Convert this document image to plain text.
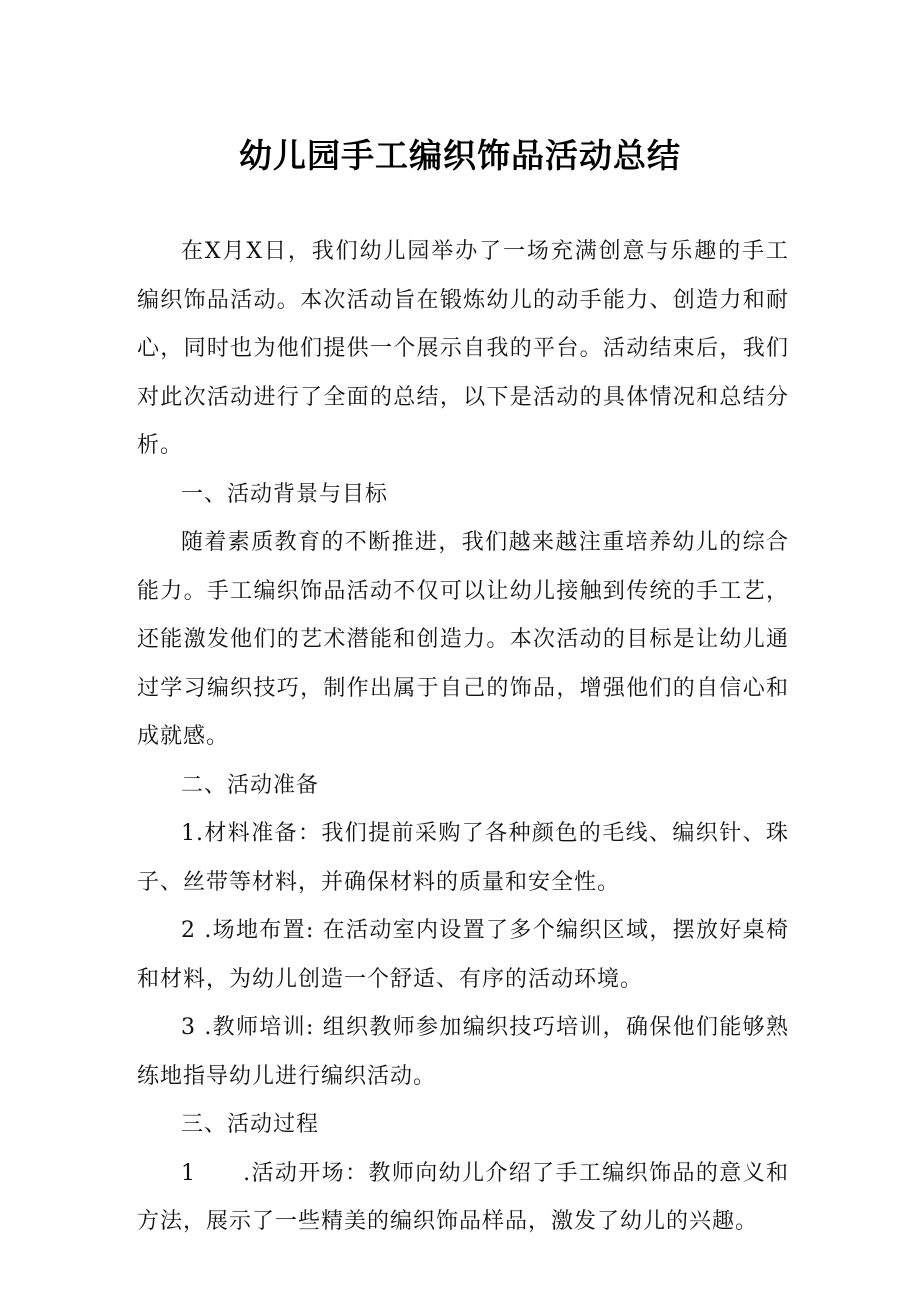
幼儿园手工编织饰品活动总结

在X月X日，我们幼儿园举办了一场充满创意与乐趣的手工编织饰品活动。本次活动旨在锻炼幼儿的动手能力、创造力和耐心，同时也为他们提供一个展示自我的平台。活动结束后，我们对此次活动进行了全面的总结，以下是活动的具体情况和总结分析。

一、活动背景与目标

随着素质教育的不断推进，我们越来越注重培养幼儿的综合能力。手工编织饰品活动不仅可以让幼儿接触到传统的手工艺，还能激发他们的艺术潜能和创造力。本次活动的目标是让幼儿通过学习编织技巧，制作出属于自己的饰品，增强他们的自信心和成就感。

二、活动准备

1.材料准备：我们提前采购了各种颜色的毛线、编织针、珠子、丝带等材料，并确保材料的质量和安全性。

2 .场地布置: 在活动室内设置了多个编织区域，摆放好桌椅和材料，为幼儿创造一个舒适、有序的活动环境。

3 .教师培训: 组织教师参加编织技巧培训，确保他们能够熟练地指导幼儿进行编织活动。

三、活动过程

1　　.活动开场：教师向幼儿介绍了手工编织饰品的意义和方法，展示了一些精美的编织饰品样品，激发了幼儿的兴趣。
